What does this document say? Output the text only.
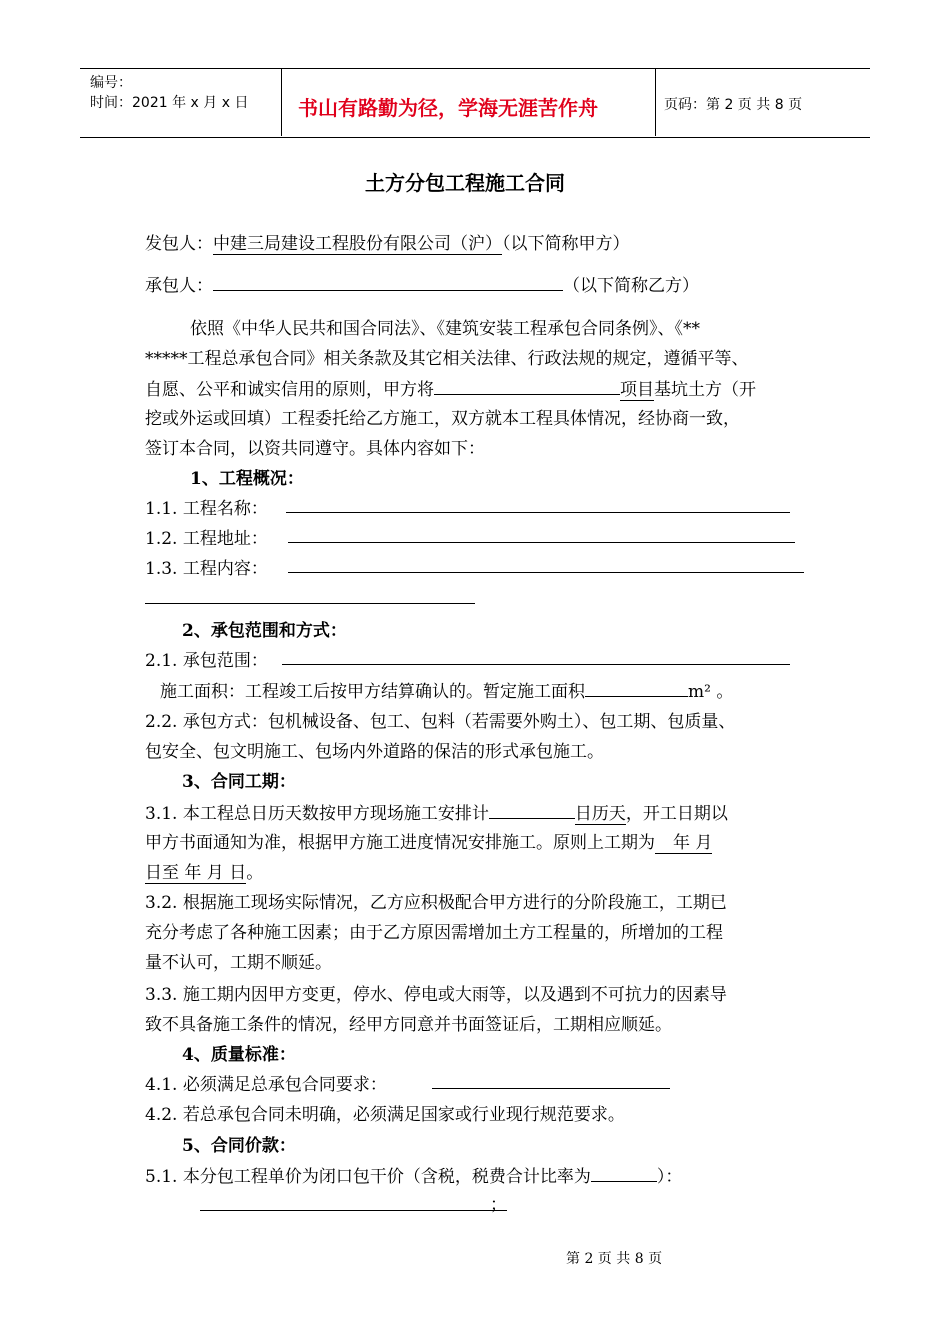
编号：
时间：2021 年 x 月 x 日 书山有路勤为径，学海无涯苦作舟	页码：第 2 页 共 8 页
土方分包工程施工合同
发包人：中建三局建设工程股份有限公司（沪）（以下简称甲方）
承包人：	（以下简称乙方）
依照《中华人民共和国合同法》、《建筑安装工程承包合同条例》、《**
*****工程总承包合同》相关条款及其它相关法律、行政法规的规定，遵循平等、
自愿、公平和诚实信用的原则，甲方将	项目基坑土方（开
挖或外运或回填）工程委托给乙方施工，双方就本工程具体情况，经协商一致，
签订本合同，以资共同遵守。具体内容如下：
1、工程概况：
1.1. 工程名称：
1.2. 工程地址：
1.3. 工程内容：
2、承包范围和方式：
2.1. 承包范围：
施工面积：工程竣工后按甲方结算确认的。暂定施工面积	m² 。
2.2. 承包方式：包机械设备、包工、包料（若需要外购土）、包工期、包质量、
包安全、包文明施工、包场内外道路的保洁的形式承包施工。
3、合同工期：
3.1. 本工程总日历天数按甲方现场施工安排计	日历天，开工日期以
甲方书面通知为准，根据甲方施工进度情况安排施工。原则上工期为 年 月
日至 年 月 日。
3.2. 根据施工现场实际情况，乙方应积极配合甲方进行的分阶段施工，工期已
充分考虑了各种施工因素；由于乙方原因需增加土方工程量的，所增加的工程
量不认可，工期不顺延。
3.3. 施工期内因甲方变更，停水、停电或大雨等，以及遇到不可抗力的因素导
致不具备施工条件的情况，经甲方同意并书面签证后，工期相应顺延。
4、质量标准：
4.1. 必须满足总承包合同要求：
4.2. 若总承包合同未明确，必须满足国家或行业现行规范要求。
5、合同价款：
5.1. 本分包工程单价为闭口包干价（含税，税费合计比率为	）：
；
第 2 页 共 8 页
